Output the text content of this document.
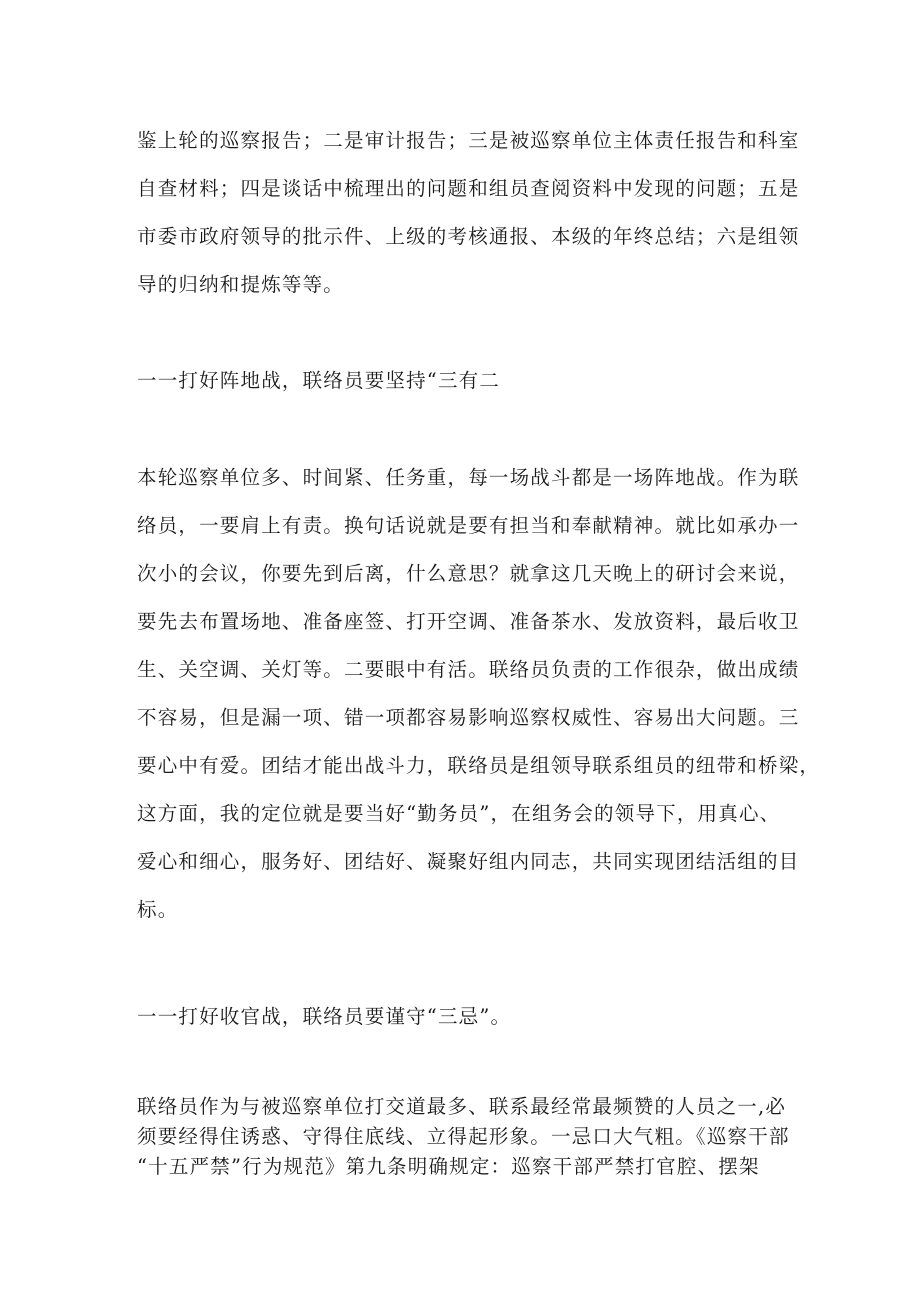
鉴上轮的巡察报告；二是审计报告；三是被巡察单位主体责任报告和科室
自查材料；四是谈话中梳理出的问题和组员查阅资料中发现的问题；五是
市委市政府领导的批示件、上级的考核通报、本级的年终总结；六是组领
导的归纳和提炼等等。
一一打好阵地战，联络员要坚持“三有二
本轮巡察单位多、时间紧、任务重，每一场战斗都是一场阵地战。作为联
络员，一要肩上有责。换句话说就是要有担当和奉献精神。就比如承办一
次小的会议，你要先到后离，什么意思？就拿这几天晚上的研讨会来说，
要先去布置场地、准备座签、打开空调、准备茶水、发放资料，最后收卫
生、关空调、关灯等。二要眼中有活。联络员负责的工作很杂，做出成绩
不容易，但是漏一项、错一项都容易影响巡察权威性、容易出大问题。三
要心中有爱。团结才能出战斗力，联络员是组领导联系组员的纽带和桥梁，
这方面，我的定位就是要当好“勤务员”，在组务会的领导下，用真心、
爱心和细心，服务好、团结好、凝聚好组内同志，共同实现团结活组的目
标。
一一打好收官战，联络员要谨守“三忌”。
联络员作为与被巡察单位打交道最多、联系最经常最频赞的人员之一,必
须要经得住诱惑、守得住底线、立得起形象。一忌口大气粗。《巡察干部
“十五严禁”行为规范》第九条明确规定：巡察干部严禁打官腔、摆架
